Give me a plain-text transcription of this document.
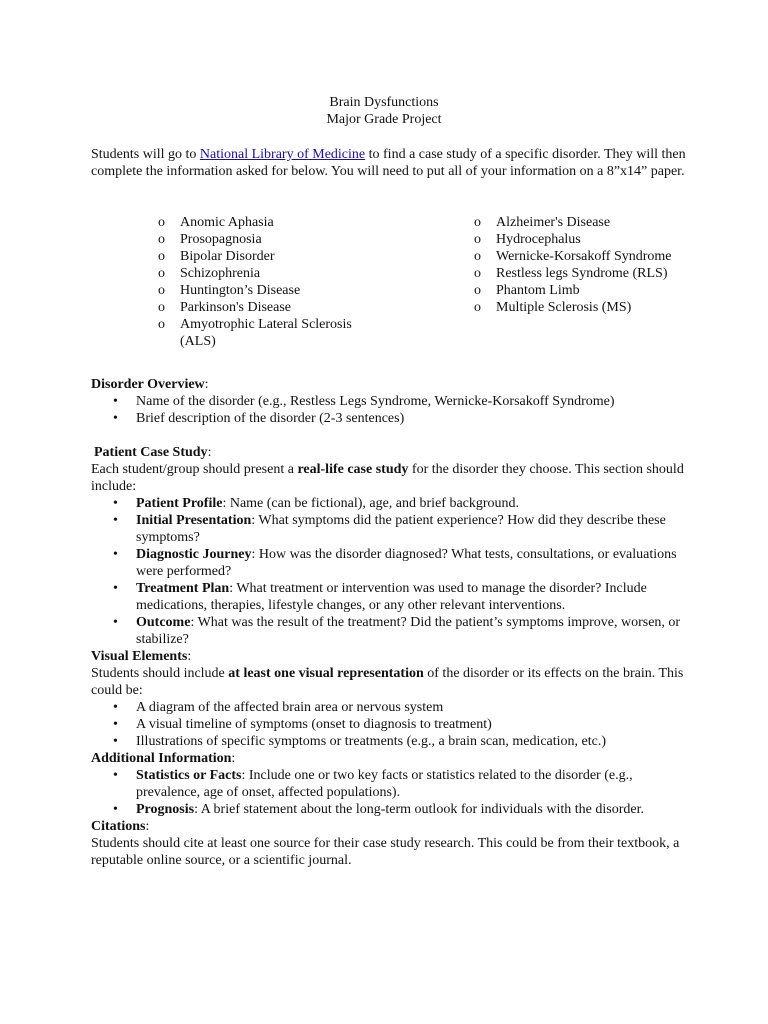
Brain Dysfunctions
Major Grade Project
Students will go to National Library of Medicine to find a case study of a specific disorder. They will then complete the information asked for below. You will need to put all of your information on a 8”x14” paper.
o Anomic Aphasia
o Prosopagnosia
o Bipolar Disorder
o Schizophrenia
o Huntington’s Disease
o Parkinson's Disease
o Amyotrophic Lateral Sclerosis (ALS)
o Alzheimer's Disease
o Hydrocephalus
o Wernicke-Korsakoff Syndrome
o Restless legs Syndrome (RLS)
o Phantom Limb
o Multiple Sclerosis (MS)
Disorder Overview:
• Name of the disorder (e.g., Restless Legs Syndrome, Wernicke-Korsakoff Syndrome)
• Brief description of the disorder (2-3 sentences)
Patient Case Study:
Each student/group should present a real-life case study for the disorder they choose. This section should include:
• Patient Profile: Name (can be fictional), age, and brief background.
• Initial Presentation: What symptoms did the patient experience? How did they describe these symptoms?
• Diagnostic Journey: How was the disorder diagnosed? What tests, consultations, or evaluations were performed?
• Treatment Plan: What treatment or intervention was used to manage the disorder? Include medications, therapies, lifestyle changes, or any other relevant interventions.
• Outcome: What was the result of the treatment? Did the patient’s symptoms improve, worsen, or stabilize?
Visual Elements:
Students should include at least one visual representation of the disorder or its effects on the brain. This could be:
• A diagram of the affected brain area or nervous system
• A visual timeline of symptoms (onset to diagnosis to treatment)
• Illustrations of specific symptoms or treatments (e.g., a brain scan, medication, etc.)
Additional Information:
• Statistics or Facts: Include one or two key facts or statistics related to the disorder (e.g., prevalence, age of onset, affected populations).
• Prognosis: A brief statement about the long-term outlook for individuals with the disorder.
Citations:
Students should cite at least one source for their case study research. This could be from their textbook, a reputable online source, or a scientific journal.
